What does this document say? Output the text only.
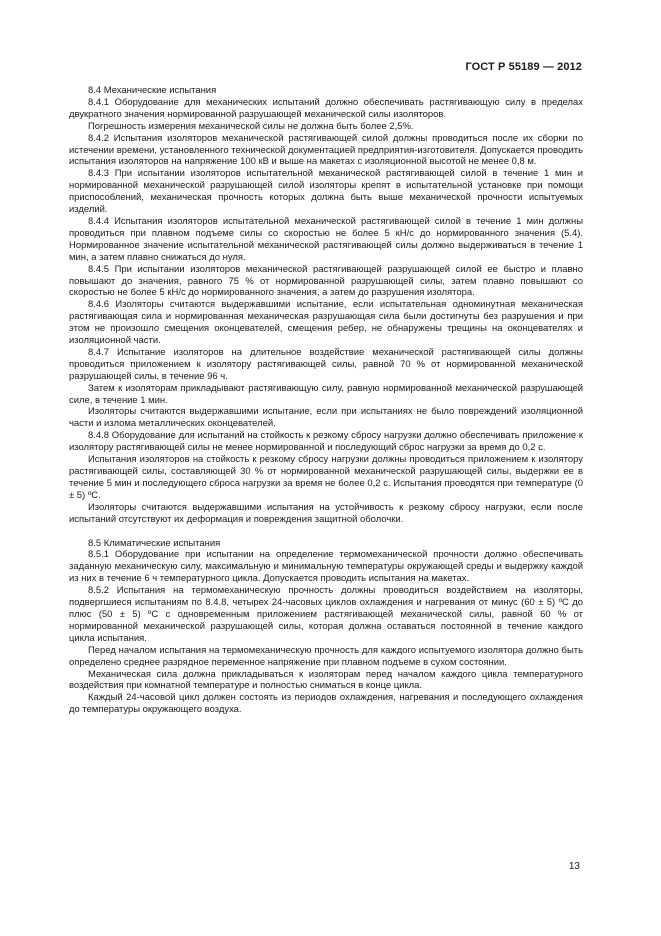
ГОСТ Р 55189 — 2012

8.4 Механические испытания

8.4.1 Оборудование для механических испытаний должно обеспечивать растягивающую силу в пределах двукратного значения нормированной разрушающей механической силы изоляторов.

Погрешность измерения механической силы не должна быть более 2,5%.

8.4.2 Испытания изоляторов механической растягивающей силой должны проводиться после их сборки по истечении времени, установленного технической документацией предприятия-изготовителя. Допускается проводить испытания изоляторов на напряжение 100 кВ и выше на макетах с изоляционной высотой не менее 0,8 м.

8.4.3 При испытании изоляторов испытательной механической растягивающей силой в течение 1 мин и нормированной механической разрушающей силой изоляторы крепят в испытательной установке при помощи приспособлений, механическая прочность которых должна быть выше механической прочности испытуемых изделий.

8.4.4 Испытания изоляторов испытательной механической растягивающей силой в течение 1 мин должны проводиться при плавном подъеме силы со скоростью не более 5 кН/с до нормированного значения (5.4). Нормированное значение испытательной механической растягивающей силы должно выдерживаться в течение 1 мин, а затем плавно снижаться до нуля.

8.4.5 При испытании изоляторов механической растягивающей разрушающей силой ее быстро и плавно повышают до значения, равного 75 % от нормированной разрушающей силы, затем плавно повышают со скоростью не более 5 кН/с до нормированного значения, а затем до разрушения изолятора.

8.4.6 Изоляторы считаются выдержавшими испытание, если испытательная одноминутная механическая растягивающая сила и нормированная механическая разрушающая сила были достигнуты без разрушения и при этом не произошло смещения оконцевателей, смещения ребер, не обнаружены трещины на оконцевателях и изоляционной части.

8.4.7 Испытание изоляторов на длительное воздействие механической растягивающей силы должны проводиться приложением к изолятору растягивающей силы, равной 70 % от нормированной механической разрушающей силы, в течение 96 ч.

Затем к изоляторам прикладывают растягивающую силу, равную нормированной механической разрушающей силе, в течение 1 мин.

Изоляторы считаются выдержавшими испытание, если при испытаниях не было повреждений изоляционной части и излома металлических оконцевателей.

8.4.8 Оборудование для испытаний на стойкость к резкому сбросу нагрузки должно обеспечивать приложение к изолятору растягивающей силы не менее нормированной и последующий сброс нагрузки за время до 0,2 с.

Испытания изоляторов на стойкость к резкому сбросу нагрузки должны проводиться приложением к изолятору растягивающей силы, составляющей 30 % от нормированной механической разрушающей силы, выдержки ее в течение 5 мин и последующего сброса нагрузки за время не более 0,2 с. Испытания проводятся при температуре (0 ± 5) ºС.

Изоляторы считаются выдержавшими испытания на устойчивость к резкому сбросу нагрузки, если после испытаний отсутствуют их деформация и повреждения защитной оболочки.

8.5 Климатические испытания

8.5.1 Оборудование при испытании на определение термомеханической прочности должно обеспечивать заданную механическую силу, максимальную и минимальную температуры окружающей среды и выдержку каждой из них в течение 6 ч температурного цикла. Допускается проводить испытания на макетах.

8.5.2 Испытания на термомеханическую прочность должны проводиться воздействием на изоляторы, подвергшиеся испытаниям по 8.4.8, четырех 24-часовых циклов охлаждения и нагревания от минус (60 ± 5) ºС до плюс (50 ± 5) ºС с одновременным приложением растягивающей механической силы, равной 60 % от нормированной механической разрушающей силы, которая должна оставаться постоянной в течение каждого цикла испытания.

Перед началом испытания на термомеханическую прочность для каждого испытуемого изолятора должно быть определено среднее разрядное переменное напряжение при плавном подъеме в сухом состоянии.

Механическая сила должна прикладываться к изоляторам перед началом каждого цикла температурного воздействия при комнатной температуре и полностью сниматься в конце цикла.

Каждый 24-часовой цикл должен состоять из периодов охлаждения, нагревания и последующего охлаждения до температуры окружающего воздуха.

13
